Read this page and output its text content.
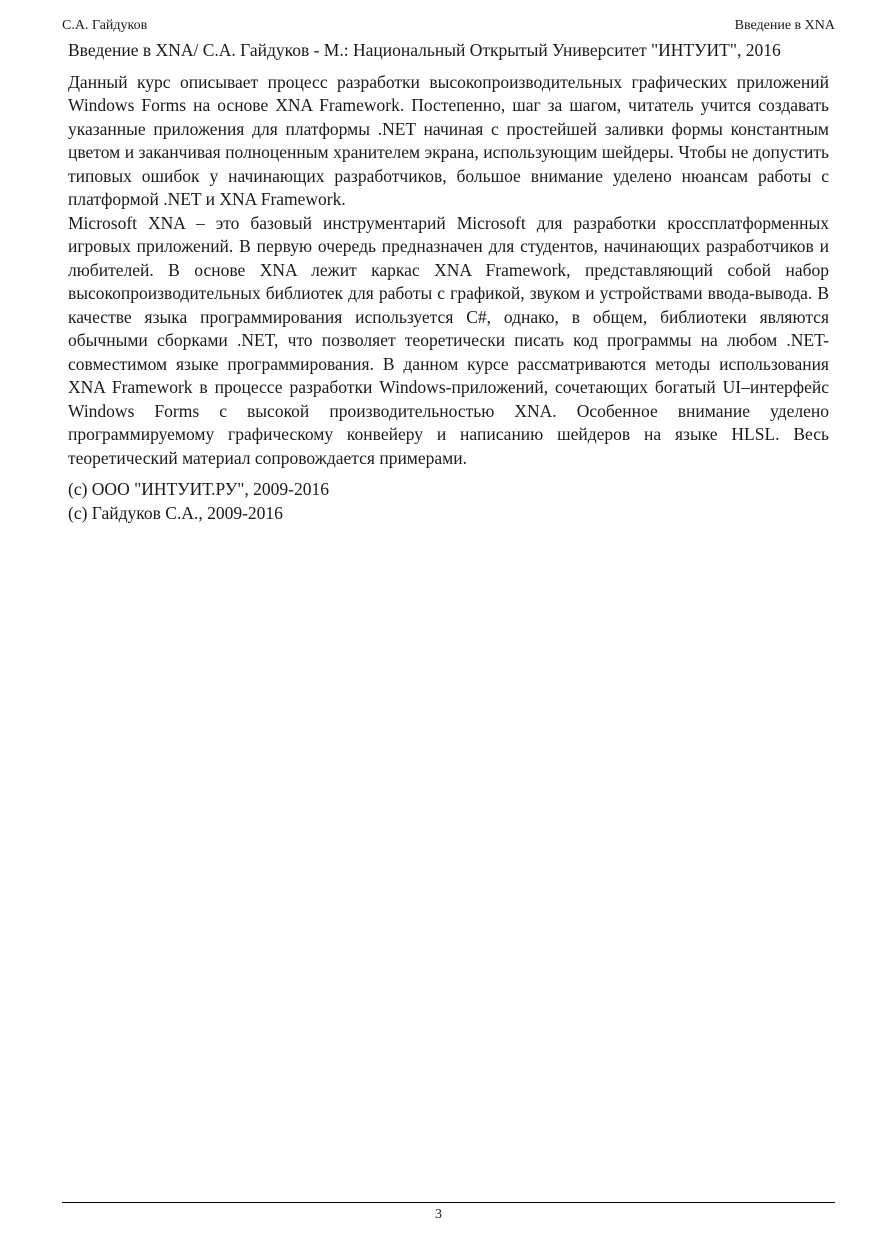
С.А. Гайдуков	Введение в XNA

Введение в XNA/ С.А. Гайдуков - М.: Национальный Открытый Университет "ИНТУИТ", 2016

Данный курс описывает процесс разработки высокопроизводительных графических приложений Windows Forms на основе XNA Framework. Постепенно, шаг за шагом, читатель учится создавать указанные приложения для платформы .NET начиная с простейшей заливки формы константным цветом и заканчивая полноценным хранителем экрана, использующим шейдеры. Чтобы не допустить типовых ошибок у начинающих разработчиков, большое внимание уделено нюансам работы с платформой .NET и XNA Framework.

Microsoft XNA – это базовый инструментарий Microsoft для разработки кроссплатформенных игровых приложений. В первую очередь предназначен для студентов, начинающих разработчиков и любителей. В основе XNA лежит каркас XNA Framework, представляющий собой набор высокопроизводительных библиотек для работы с графикой, звуком и устройствами ввода-вывода. В качестве языка программирования используется C#, однако, в общем, библиотеки являются обычными сборками .NET, что позволяет теоретически писать код программы на любом .NET-совместимом языке программирования. В данном курсе рассматриваются методы использования XNA Framework в процессе разработки Windows-приложений, сочетающих богатый UI–интерфейс Windows Forms с высокой производительностью XNA. Особенное внимание уделено программируемому графическому конвейеру и написанию шейдеров на языке HLSL. Весь теоретический материал сопровождается примерами.

(c) ООО "ИНТУИТ.РУ", 2009-2016

(c) Гайдуков С.А., 2009-2016

3
